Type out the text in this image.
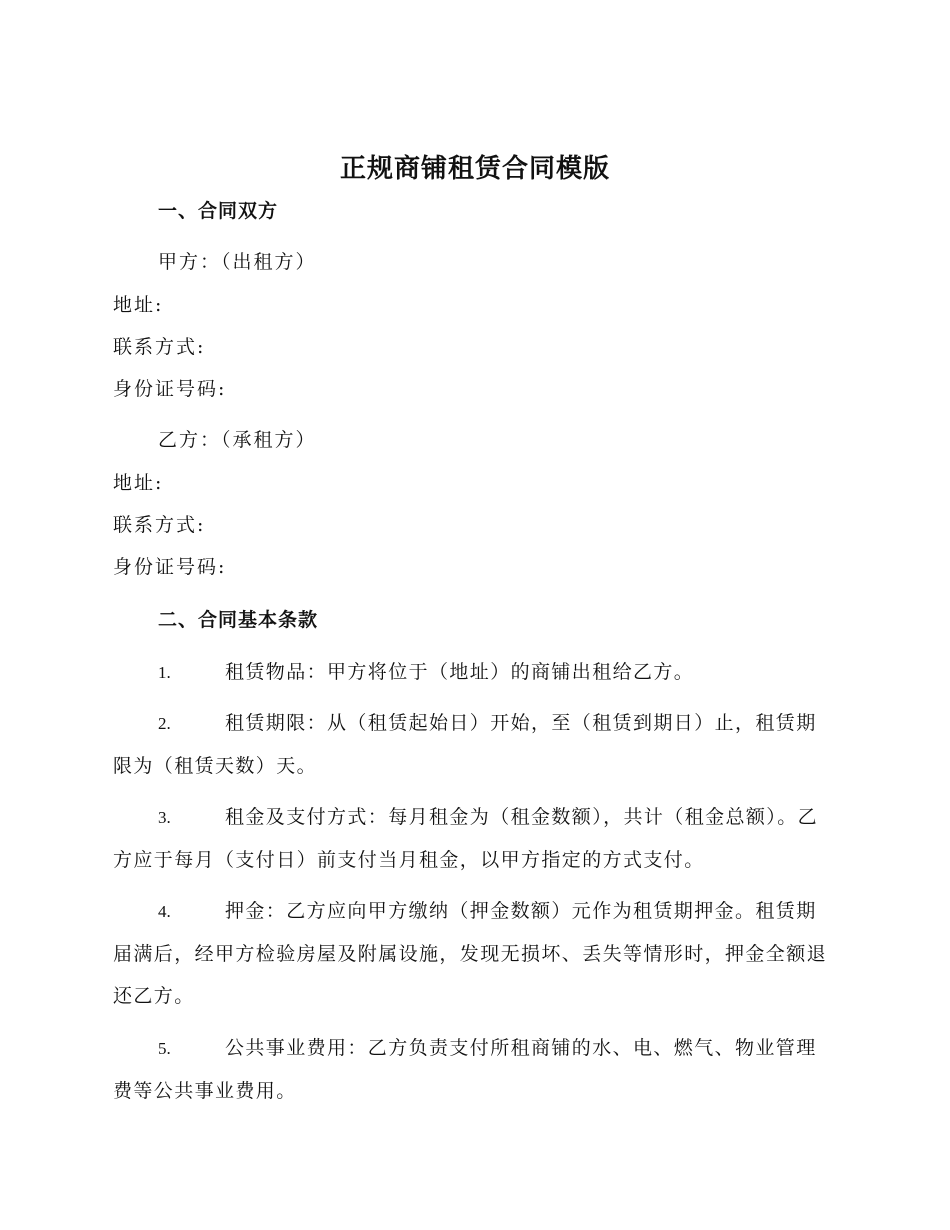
正规商铺租赁合同模版
一、合同双方
甲方：（出租方）
地址:
联系方式:
身份证号码:
乙方：（承租方）
地址:
联系方式:
身份证号码:
二、合同基本条款
1.	租赁物品：甲方将位于（地址）的商铺出租给乙方。
2.	租赁期限：从（租赁起始日）开始，至（租赁到期日）止，租赁期限为（租赁天数）天。
3.	租金及支付方式：每月租金为（租金数额），共计（租金总额）。乙方应于每月（支付日）前支付当月租金，以甲方指定的方式支付。
4.	押金：乙方应向甲方缴纳（押金数额）元作为租赁期押金。租赁期届满后，经甲方检验房屋及附属设施，发现无损坏、丢失等情形时，押金全额退还乙方。
5.	公共事业费用：乙方负责支付所租商铺的水、电、燃气、物业管理费等公共事业费用。
